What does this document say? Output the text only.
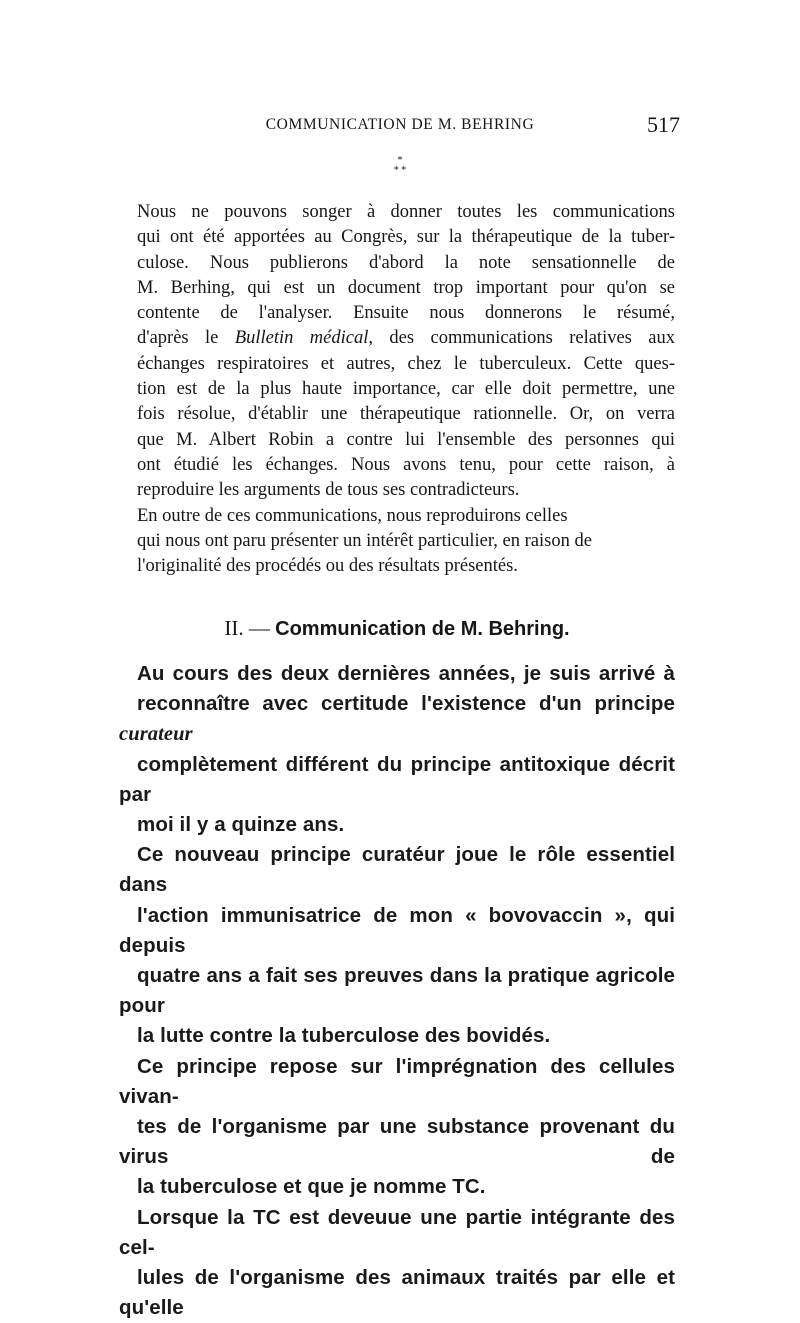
COMMUNICATION DE M. BEHRING	517
*
* *

Nous ne pouvons songer à donner toutes les communications
qui ont été apportées au Congrès, sur la thérapeutique de la tuber-
culose. Nous publierons d'abord la note sensationnelle de
M. Berhing, qui est un document trop important pour qu'on se
contente de l'analyser. Ensuite nous donnerons le résumé,
d'après le Bulletin médical, des communications relatives aux
échanges respiratoires et autres, chez le tuberculeux. Cette ques-
tion est de la plus haute importance, car elle doit permettre, une
fois résolue, d'établir une thérapeutique rationnelle. Or, on verra
que M. Albert Robin a contre lui l'ensemble des personnes qui
ont étudié les échanges. Nous avons tenu, pour cette raison, à
reproduire les arguments de tous ses contradicteurs.

En outre de ces communications, nous reproduirons celles
qui nous ont paru présenter un intérêt particulier, en raison de
l'originalité des procédés ou des résultats présentés.

II. — Communication de M. Behring.

Au cours des deux dernières années, je suis arrivé à
reconnaître avec certitude l'existence d'un principe curateur
complètement différent du principe antitoxique décrit par
moi il y a quinze ans.

Ce nouveau principe curatéur joue le rôle essentiel dans
l'action immunisatrice de mon « bovovaccin », qui depuis
quatre ans a fait ses preuves dans la pratique agricole pour
la lutte contre la tuberculose des bovidés.

Ce principe repose sur l'imprégnation des cellules vivan-
tes de l'organisme par une substance provenant du virus de
la tuberculose et que je nomme TC.

Lorsque la TC est deveuue une partie intégrante des cel-
lules de l'organisme des animaux traités par elle et qu'elle
